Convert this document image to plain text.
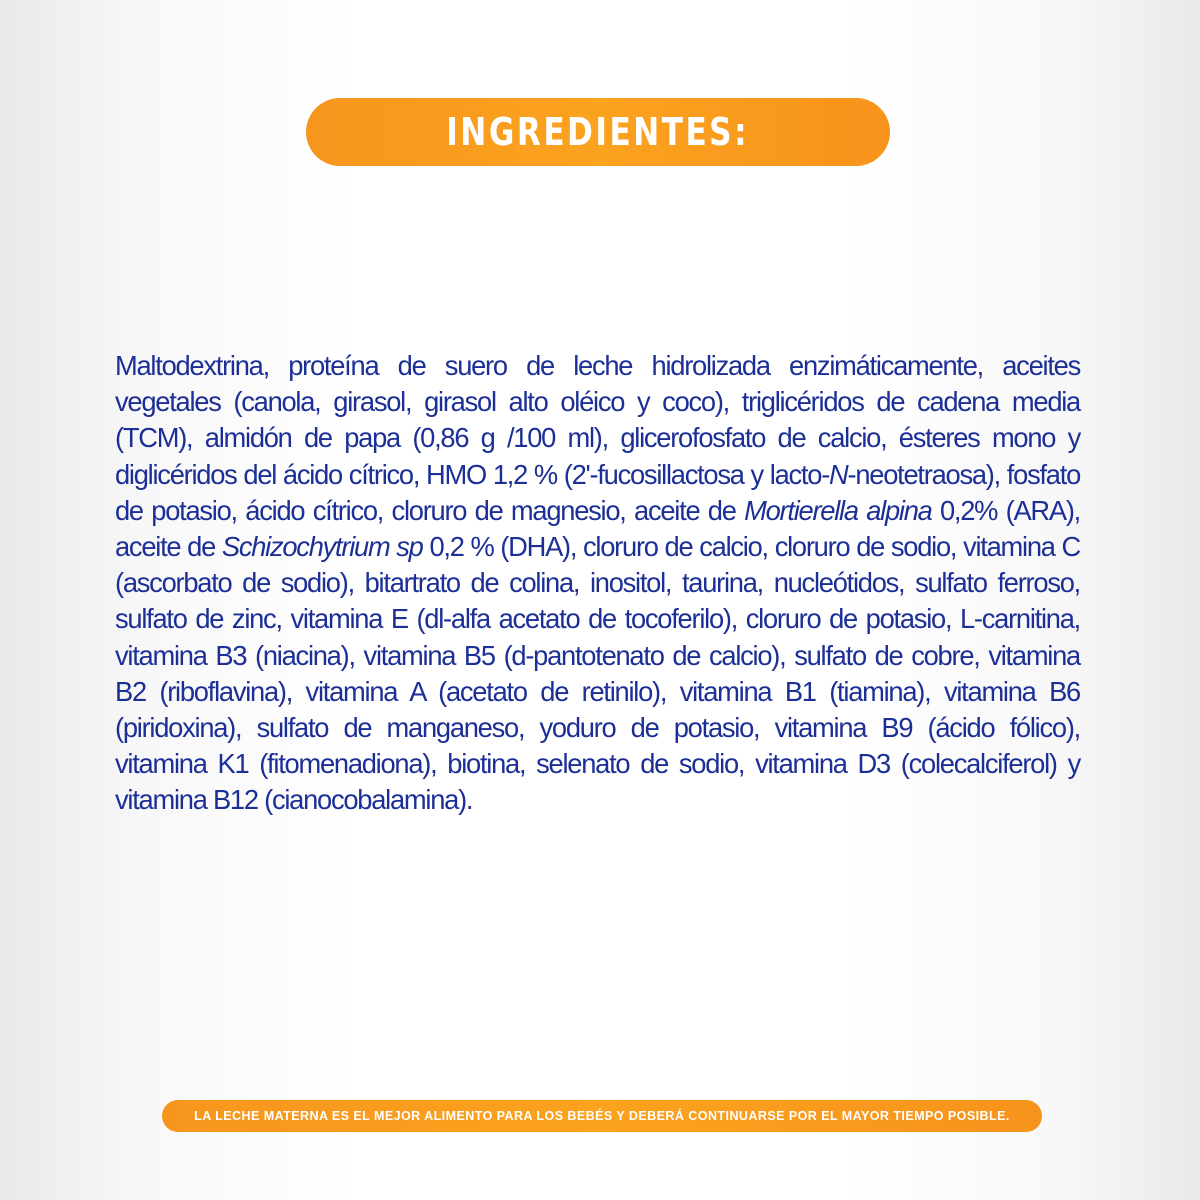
INGREDIENTES:

Maltodextrina, proteína de suero de leche hidrolizada enzimáticamente, aceites vegetales (canola, girasol, girasol alto oléico y coco), triglicéridos de cadena media (TCM), almidón de papa (0,86 g /100 ml), glicerofosfato de calcio, ésteres mono y diglicéridos del ácido cítrico, HMO 1,2 % (2'-fucosillactosa y lacto-N-neotetraosa), fosfato de potasio, ácido cítrico, cloruro de magnesio, aceite de Mortierella alpina 0,2% (ARA), aceite de Schizochytrium sp 0,2 % (DHA), cloruro de calcio, cloruro de sodio, vitamina C (ascorbato de sodio), bitartrato de colina, inositol, taurina, nucleótidos, sulfato ferroso, sulfato de zinc, vitamina E (dl-alfa acetato de tocoferilo), cloruro de potasio, L-carnitina, vitamina B3 (niacina), vitamina B5 (d-pantotenato de calcio), sulfato de cobre, vitamina B2 (riboflavina), vitamina A (acetato de retinilo), vitamina B1 (tiamina), vitamina B6 (piridoxina), sulfato de manganeso, yoduro de potasio, vitamina B9 (ácido fólico), vitamina K1 (fitomenadiona), biotina, selenato de sodio, vitamina D3 (colecalciferol) y vitamina B12 (cianocobalamina).

LA LECHE MATERNA ES EL MEJOR ALIMENTO PARA LOS BEBÉS Y DEBERÁ CONTINUARSE POR EL MAYOR TIEMPO POSIBLE.
